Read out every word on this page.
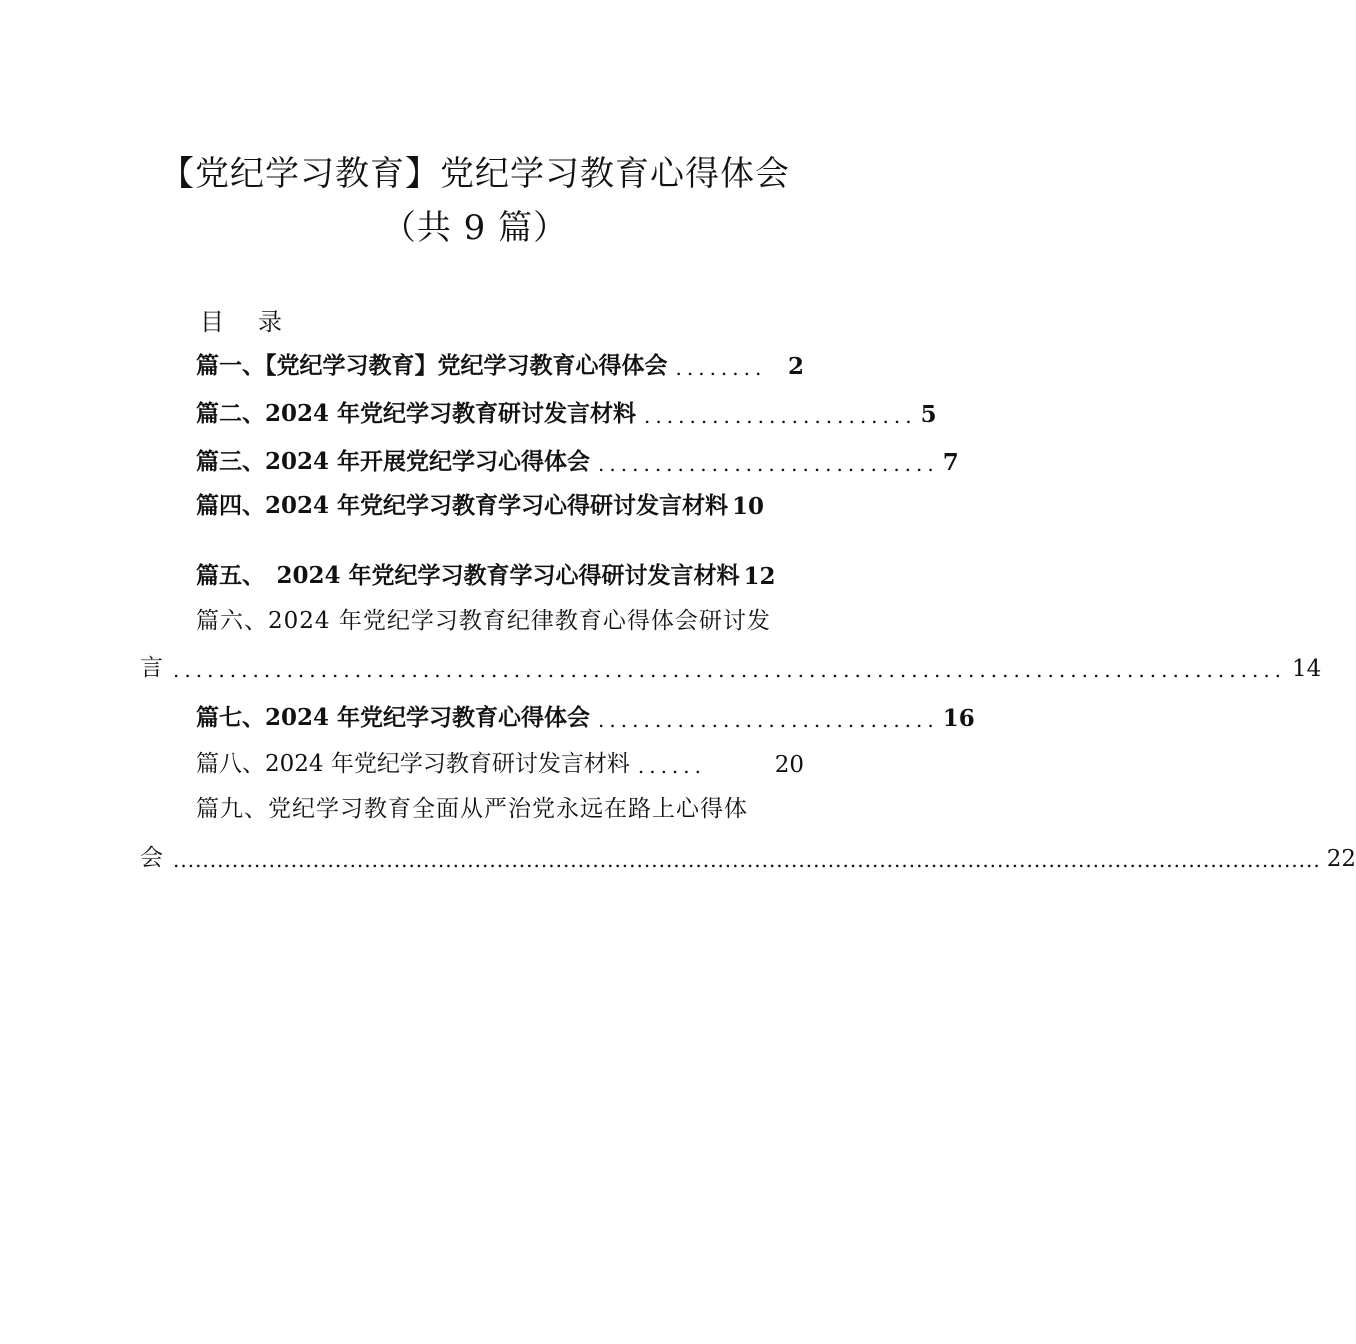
【党纪学习教育】党纪学习教育心得体会
（共 9 篇）
目 录
篇一、【党纪学习教育】党纪学习教育心得体会 ........ 2
篇二、2024 年党纪学习教育研讨发言材料 ........................ 5
篇三、2024 年开展党纪学习心得体会 .............................. 7
篇四、2024 年党纪学习教育学习心得研讨发言材料 10
篇五、　2024 年党纪学习教育学习心得研讨发言材料 12
篇六、2024 年党纪学习教育纪律教育心得体会研讨发
言 .................................................................................................. 14
篇七、2024 年党纪学习教育心得体会 .............................. 16
篇八、2024 年党纪学习教育研讨发言材料 ......	20
篇九、党纪学习教育全面从严治党永远在路上心得体
会 ............................................................................................................................................................ 22
